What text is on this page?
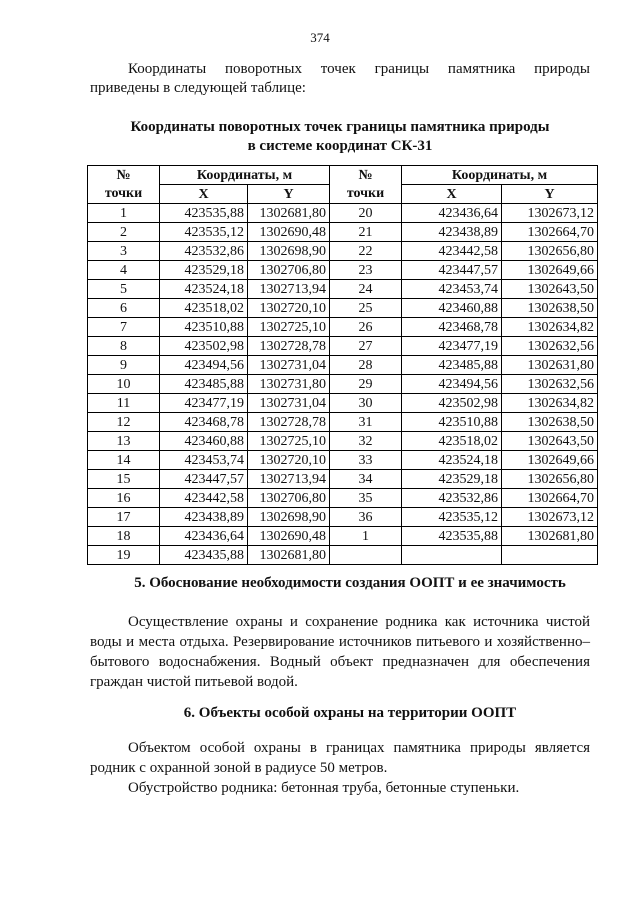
374
Координаты поворотных точек границы памятника природы
приведены в следующей таблице:
Координаты поворотных точек границы памятника природы
в системе координат СК-31
№	Координаты, м		№	Координаты, м	
точки	X	Y	точки	X	Y
1	423535,88	1302681,80	20	423436,64	1302673,12
2	423535,12	1302690,48	21	423438,89	1302664,70
3	423532,86	1302698,90	22	423442,58	1302656,80
4	423529,18	1302706,80	23	423447,57	1302649,66
5	423524,18	1302713,94	24	423453,74	1302643,50
6	423518,02	1302720,10	25	423460,88	1302638,50
7	423510,88	1302725,10	26	423468,78	1302634,82
8	423502,98	1302728,78	27	423477,19	1302632,56
9	423494,56	1302731,04	28	423485,88	1302631,80
10	423485,88	1302731,80	29	423494,56	1302632,56
11	423477,19	1302731,04	30	423502,98	1302634,82
12	423468,78	1302728,78	31	423510,88	1302638,50
13	423460,88	1302725,10	32	423518,02	1302643,50
14	423453,74	1302720,10	33	423524,18	1302649,66
15	423447,57	1302713,94	34	423529,18	1302656,80
16	423442,58	1302706,80	35	423532,86	1302664,70
17	423438,89	1302698,90	36	423535,12	1302673,12
18	423436,64	1302690,48	1	423535,88	1302681,80
19	423435,88	1302681,80			
5. Обоснование необходимости создания ООПТ и ее значимость
Осуществление охраны и сохранение родника как источника чистой воды и места отдыха. Резервирование источников питьевого и хозяйственно–бытового водоснабжения. Водный объект предназначен для обеспечения граждан чистой питьевой водой.
6. Объекты особой охраны на территории ООПТ
Объектом особой охраны в границах памятника природы является родник с охранной зоной в радиусе 50 метров.
Обустройство родника: бетонная труба, бетонные ступеньки.
